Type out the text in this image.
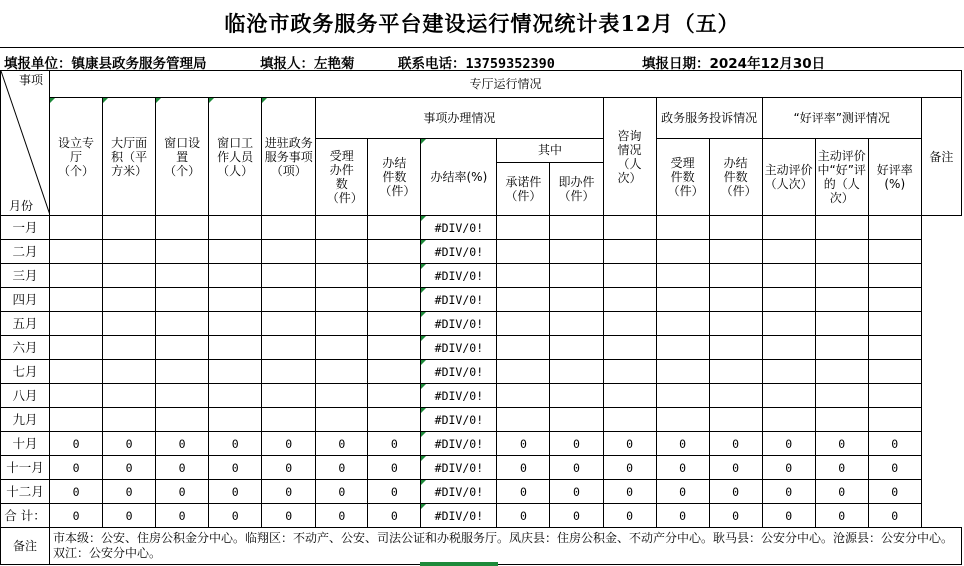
临沧市政务服务平台建设运行情况统计表12月（五）
填报单位：镇康县政务服务管理局	填报人：左艳菊	联系电话：13759352390	填报日期：2024年12月30日
事项
月份	专厅运行情况																
	设立专厅（个）	大厅面积（平方米）	窗口设置（个）	窗口工作人员（人）	进驻政务服务事项（项）	事项办理情况					咨询情况（人次）	政务服务投诉情况		“好评率”测评情况			备注
						受理办件数（件）	办结件数（件）	办结率(%)	其中			受理件数（件）	办结件数（件）	主动评价（人次）	主动评价中“好”评的（人次）	好评率(%)	
									承诺件（件）	即办件（件）							
一月								#DIV/0!									
二月								#DIV/0!									
三月								#DIV/0!									
四月								#DIV/0!									
五月								#DIV/0!									
六月								#DIV/0!									
七月								#DIV/0!									
八月								#DIV/0!									
九月								#DIV/0!									
十月	0	0	0	0	0	0	0	#DIV/0!	0	0	0	0	0	0	0	0	
十一月	0	0	0	0	0	0	0	#DIV/0!	0	0	0	0	0	0	0	0	
十二月	0	0	0	0	0	0	0	#DIV/0!	0	0	0	0	0	0	0	0	
合 计：	0	0	0	0	0	0	0	#DIV/0!	0	0	0	0	0	0	0	0	
备注	市本级：公安、住房公积金分中心。临翔区：不动产、公安、司法公证和办税服务厅。凤庆县：住房公积金、不动产分中心。耿马县：公安分中心。沧源县：公安分中心。双江：公安分中心。																
